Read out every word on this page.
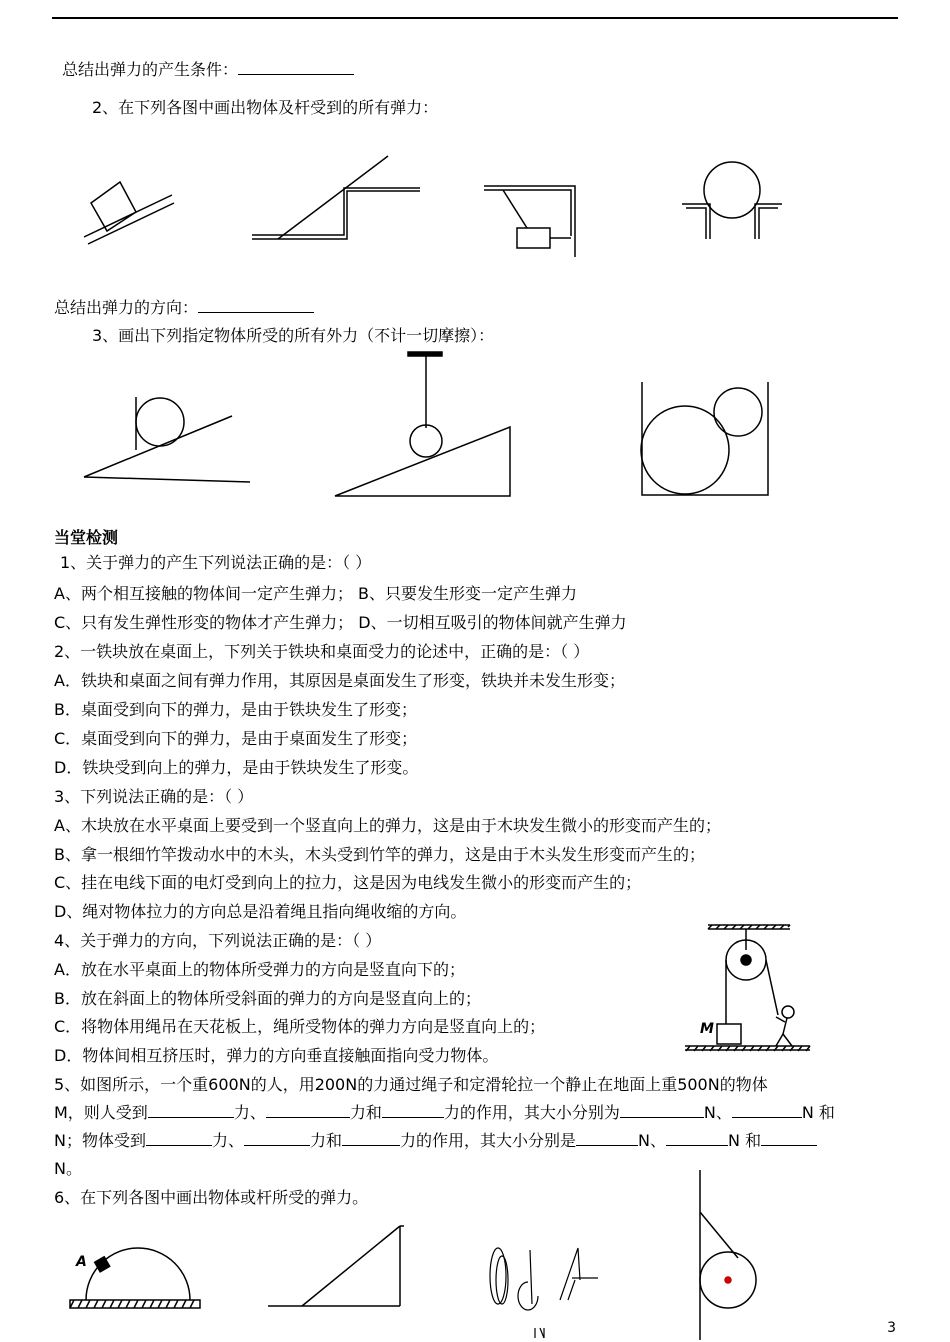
总结出弹力的产生条件：
2、在下列各图中画出物体及杆受到的所有弹力：
总结出弹力的方向：
3、画出下列指定物体所受的所有外力（不计一切摩擦）：
当堂检测
1、关于弹力的产生下列说法正确的是：（ ）
A、两个相互接触的物体间一定产生弹力； B、只要发生形变一定产生弹力
C、只有发生弹性形变的物体才产生弹力； D、一切相互吸引的物体间就产生弹力
2、一铁块放在桌面上，下列关于铁块和桌面受力的论述中，正确的是：（ ）
A．铁块和桌面之间有弹力作用，其原因是桌面发生了形变，铁块并未发生形变；
B．桌面受到向下的弹力，是由于铁块发生了形变；
C．桌面受到向下的弹力，是由于桌面发生了形变；
D．铁块受到向上的弹力，是由于铁块发生了形变。
3、下列说法正确的是：（ ）
A、木块放在水平桌面上要受到一个竖直向上的弹力，这是由于木块发生微小的形变而产生的；
B、拿一根细竹竿拨动水中的木头，木头受到竹竿的弹力，这是由于木头发生形变而产生的；
C、挂在电线下面的电灯受到向上的拉力，这是因为电线发生微小的形变而产生的；
D、绳对物体拉力的方向总是沿着绳且指向绳收缩的方向。
4、关于弹力的方向，下列说法正确的是：（ ）
A．放在水平桌面上的物体所受弹力的方向是竖直向下的；
B．放在斜面上的物体所受斜面的弹力的方向是竖直向上的；
C．将物体用绳吊在天花板上，绳所受物体的弹力方向是竖直向上的；
D．物体间相互挤压时，弹力的方向垂直接触面指向受力物体。
5、如图所示，一个重600N的人，用200N的力通过绳子和定滑轮拉一个静止在地面上重500N的物体
M，则人受到	力、	力和	力的作用，其大小分别为	N、	N 和
N；物体受到	力、	力和	力的作用，其大小分别是	N、	N 和
N。
6、在下列各图中画出物体或杆所受的弹力。
M
A
3
